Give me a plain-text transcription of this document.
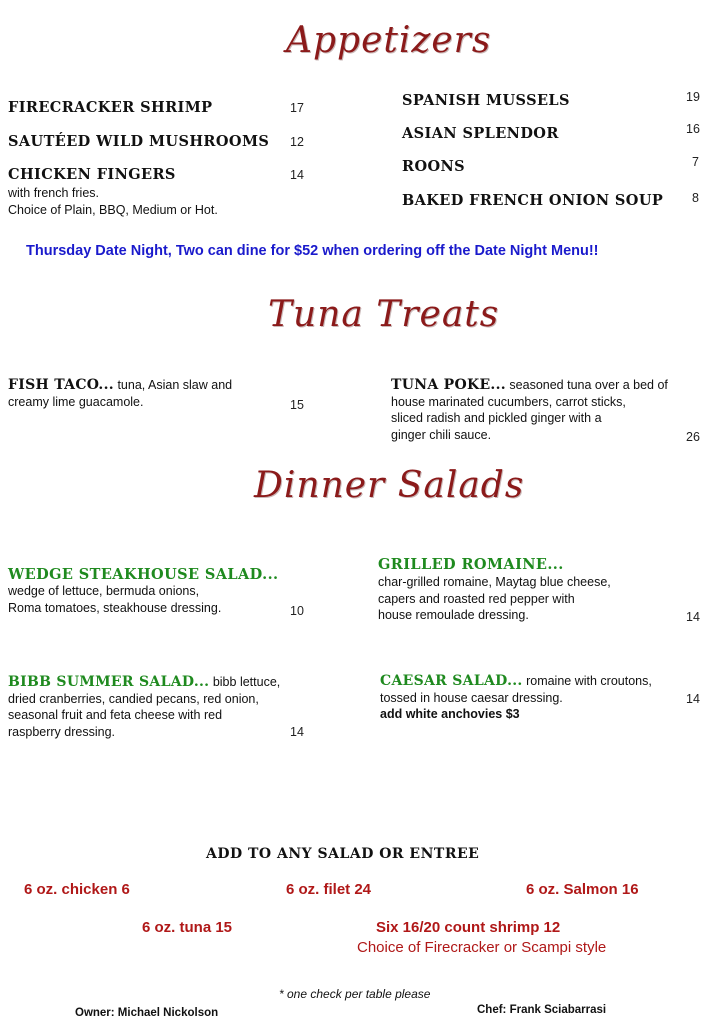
Appetizers
FIRECRACKER SHRIMP	17
SAUTÉED WILD MUSHROOMS 12
CHICKEN FINGERS	14
with french fries.
Choice of Plain, BBQ, Medium or Hot.
SPANISH MUSSELS	19
ASIAN SPLENDOR	16
ROONS	7
BAKED FRENCH ONION SOUP 8
Thursday Date Night, Two can dine for $52 when ordering off the Date Night Menu!!
Tuna Treats
FISH TACO... tuna, Asian slaw and
creamy lime guacamole.	15
TUNA POKE... seasoned tuna over a bed of
house marinated cucumbers, carrot sticks,
sliced radish and pickled ginger with a
ginger chili sauce.	26
Dinner Salads
WEDGE STEAKHOUSE SALAD...
wedge of lettuce, bermuda onions,
Roma tomatoes, steakhouse dressing.	10
GRILLED ROMAINE...
char-grilled romaine, Maytag blue cheese,
capers and roasted red pepper with
house remoulade dressing.	14
BIBB SUMMER SALAD... bibb lettuce,
dried cranberries, candied pecans, red onion,
seasonal fruit and feta cheese with red
raspberry dressing.	14
CAESAR SALAD... romaine with croutons,
tossed in house caesar dressing.
add white anchovies $3
14
ADD TO ANY SALAD OR ENTREE
6 oz. chicken 6	6 oz. filet 24	6 oz. Salmon 16
6 oz. tuna 15	Six 16/20 count shrimp 12
Choice of Firecracker or Scampi style
* one check per table please
Owner: Michael Nickolson	Chef: Frank Sciabarrasi
